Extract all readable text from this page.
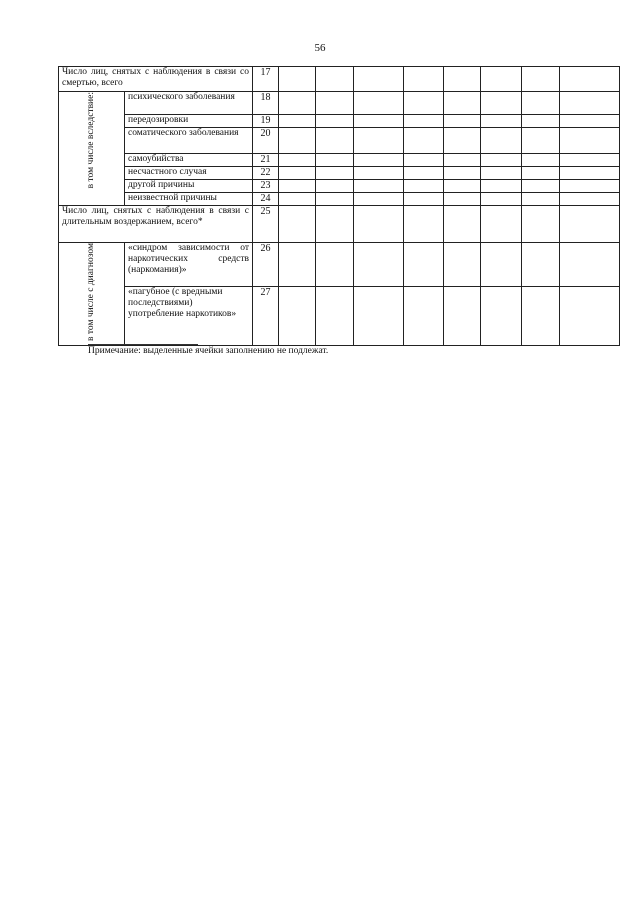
56
Число лиц, снятых с наблюдения в связи со смертью, всего		17								
в том числе вследствие:	психического заболевания	18								
	передозировки	19								
	соматического заболевания	20								
	самоубийства	21								
	несчастного случая	22								
	другой причины	23								
	неизвестной причины	24								
Число лиц, снятых с наблюдения в связи с длительным воздержанием, всего*		25								
в том числе с диагнозом	«синдром зависимости от наркотических средств (наркомания)»	26								
	«пагубное (с вредными последствиями) употребление наркотиков»	27								
Примечание: выделенные ячейки заполнению не подлежат.
